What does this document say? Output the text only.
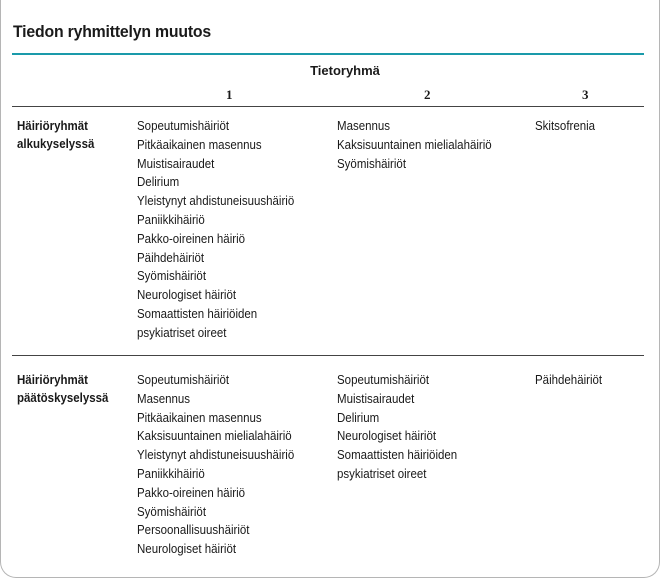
Tiedon ryhmittelyn muutos
Tietoryhmä
1	2	3
Häiriöryhmät
alkukyselyssä
Sopeutumishäiriöt
Pitkäaikainen masennus
Muistisairaudet
Delirium
Yleistynyt ahdistuneisuushäiriö
Paniikkihäiriö
Pakko-oireinen häiriö
Päihdehäiriöt
Syömishäiriöt
Neurologiset häiriöt
Somaattisten häiriöiden
psykiatriset oireet
Masennus
Kaksisuuntainen mielialahäiriö
Syömishäiriöt
Skitsofrenia
Häiriöryhmät
päätöskyselyssä
Sopeutumishäiriöt
Masennus
Pitkäaikainen masennus
Kaksisuuntainen mielialahäiriö
Yleistynyt ahdistuneisuushäiriö
Paniikkihäiriö
Pakko-oireinen häiriö
Syömishäiriöt
Persoonallisuushäiriöt
Neurologiset häiriöt
Sopeutumishäiriöt
Muistisairaudet
Delirium
Neurologiset häiriöt
Somaattisten häiriöiden
psykiatriset oireet
Päihdehäiriöt
